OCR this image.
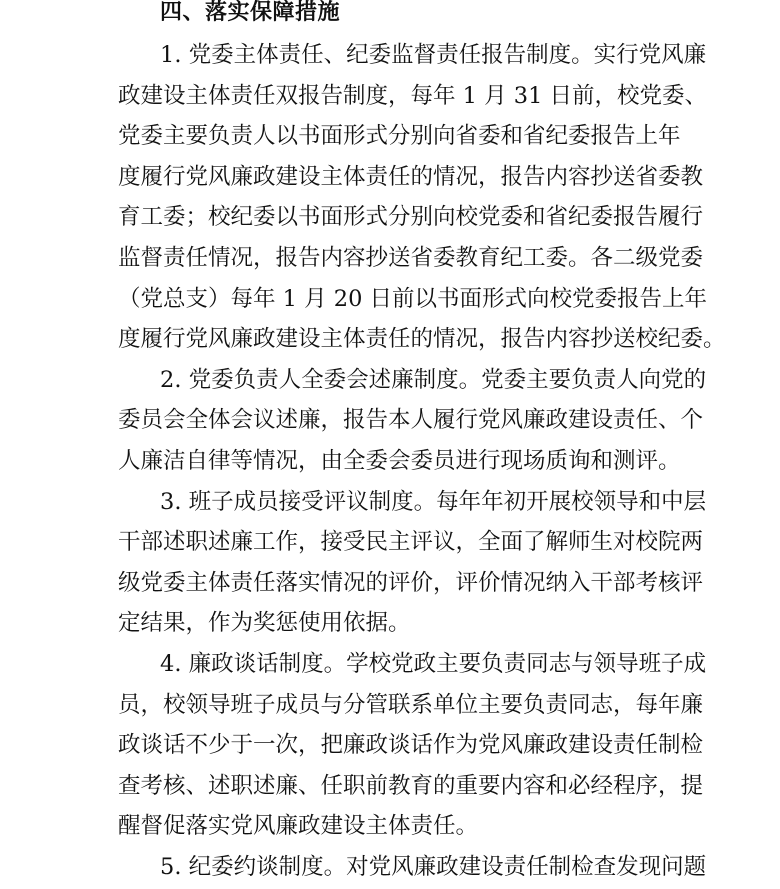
四、落实保障措施
1. 党委主体责任、纪委监督责任报告制度。实行党风廉
政建设主体责任双报告制度，每年 1 月 31 日前，校党委、
党委主要负责人以书面形式分别向省委和省纪委报告上年
度履行党风廉政建设主体责任的情况，报告内容抄送省委教
育工委；校纪委以书面形式分别向校党委和省纪委报告履行
监督责任情况，报告内容抄送省委教育纪工委。各二级党委
（党总支）每年 1 月 20 日前以书面形式向校党委报告上年
度履行党风廉政建设主体责任的情况，报告内容抄送校纪委。
2. 党委负责人全委会述廉制度。党委主要负责人向党的
委员会全体会议述廉，报告本人履行党风廉政建设责任、个
人廉洁自律等情况，由全委会委员进行现场质询和测评。
3. 班子成员接受评议制度。每年年初开展校领导和中层
干部述职述廉工作，接受民主评议，全面了解师生对校院两
级党委主体责任落实情况的评价，评价情况纳入干部考核评
定结果，作为奖惩使用依据。
4. 廉政谈话制度。学校党政主要负责同志与领导班子成
员，校领导班子成员与分管联系单位主要负责同志，每年廉
政谈话不少于一次，把廉政谈话作为党风廉政建设责任制检
查考核、述职述廉、任职前教育的重要内容和必经程序，提
醒督促落实党风廉政建设主体责任。
5. 纪委约谈制度。对党风廉政建设责任制检查发现问题
